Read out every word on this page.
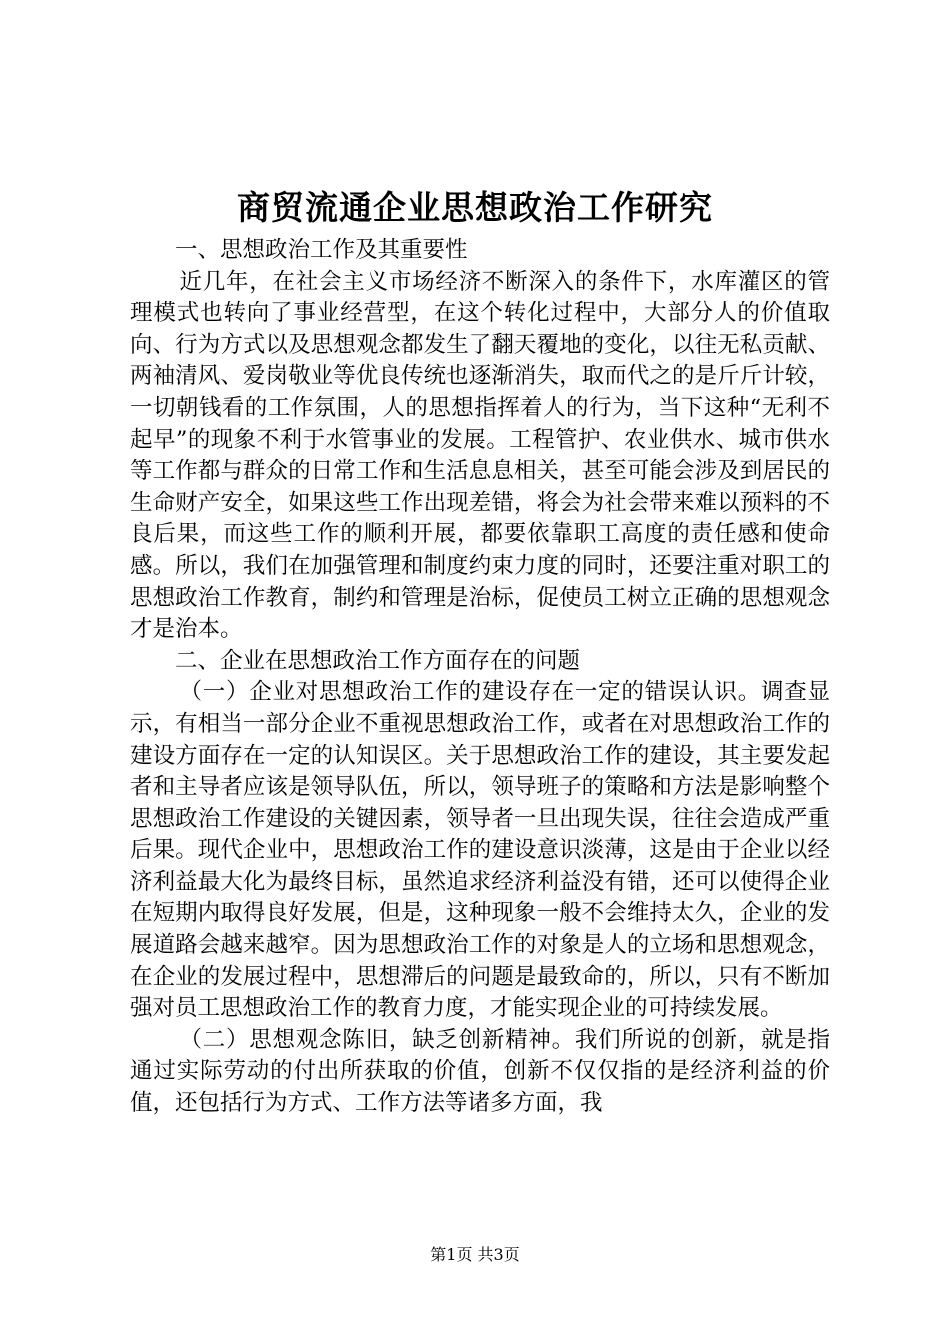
商贸流通企业思想政治工作研究

一、思想政治工作及其重要性

近几年，在社会主义市场经济不断深入的条件下，水库灌区的管理模式也转向了事业经营型，在这个转化过程中，大部分人的价值取向、行为方式以及思想观念都发生了翻天覆地的变化，以往无私贡献、两袖清风、爱岗敬业等优良传统也逐渐消失，取而代之的是斤斤计较，一切朝钱看的工作氛围，人的思想指挥着人的行为，当下这种“无利不起早”的现象不利于水管事业的发展。工程管护、农业供水、城市供水等工作都与群众的日常工作和生活息息相关，甚至可能会涉及到居民的生命财产安全，如果这些工作出现差错，将会为社会带来难以预料的不良后果，而这些工作的顺利开展，都要依靠职工高度的责任感和使命感。所以，我们在加强管理和制度约束力度的同时，还要注重对职工的思想政治工作教育，制约和管理是治标，促使员工树立正确的思想观念才是治本。

二、企业在思想政治工作方面存在的问题

（一）企业对思想政治工作的建设存在一定的错误认识。调查显示，有相当一部分企业不重视思想政治工作，或者在对思想政治工作的建设方面存在一定的认知误区。关于思想政治工作的建设，其主要发起者和主导者应该是领导队伍，所以，领导班子的策略和方法是影响整个思想政治工作建设的关键因素，领导者一旦出现失误，往往会造成严重后果。现代企业中，思想政治工作的建设意识淡薄，这是由于企业以经济利益最大化为最终目标，虽然追求经济利益没有错，还可以使得企业在短期内取得良好发展，但是，这种现象一般不会维持太久，企业的发展道路会越来越窄。因为思想政治工作的对象是人的立场和思想观念，在企业的发展过程中，思想滞后的问题是最致命的，所以，只有不断加强对员工思想政治工作的教育力度，才能实现企业的可持续发展。

（二）思想观念陈旧，缺乏创新精神。我们所说的创新，就是指通过实际劳动的付出所获取的价值，创新不仅仅指的是经济利益的价值，还包括行为方式、工作方法等诸多方面，我

第1页 共3页
